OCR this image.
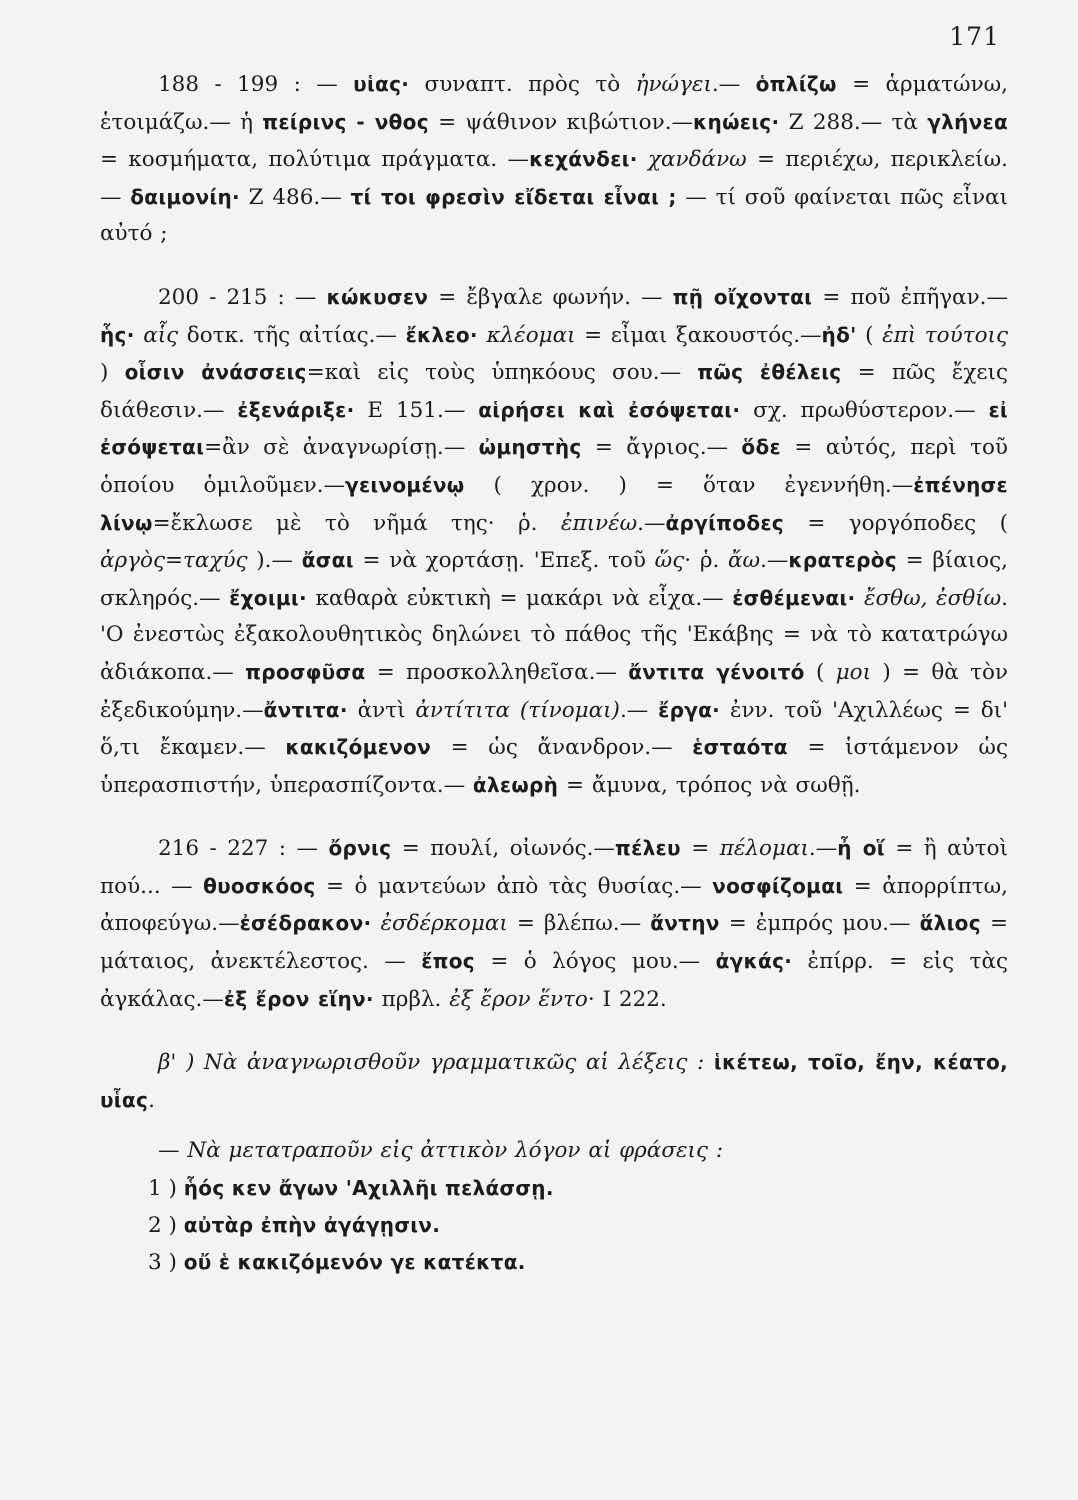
171

188 - 199 : — υἱας· συναπτ. πρὸς τὸ ἠνώγει.— ὁπλίζω = ἁρματώνω, ἑτοιμάζω.— ἡ πείρινς - νθος = ψάθινον κιβώτιον.—κηώεις· Ζ 288.— τὰ γλήνεα = κοσμήματα, πολύτιμα πράγματα. —κεχάνδει· χανδάνω = περιέχω, περικλείω.— δαιμονίη· Ζ 486.— τί τοι φρεσὶν εἴδεται εἶναι ; — τί σοῦ φαίνεται πῶς εἶναι αὐτό ;

200 - 215 : — κώκυσεν = ἔβγαλε φωνήν. — πῇ οἴχονται = ποῦ ἐπῆγαν.— ἧς· αἷς δοτκ. τῆς αἰτίας.— ἔκλεο· κλέομαι = εἶμαι ξακουστός.—ἠδ' ( ἐπὶ τούτοις ) οἷσιν ἀνάσσεις=καὶ εἰς τοὺς ὑπηκόους σου.— πῶς ἐθέλεις = πῶς ἔχεις διάθεσιν.— ἐξενάριξε· Ε 151.— αἱρήσει καὶ ἐσόψεται· σχ. πρωθύστερον.— εἰ ἐσόψεται=ἂν σὲ ἀναγνωρίσῃ.— ὠμηστὴς = ἄγριος.— ὅδε = αὐτός, περὶ τοῦ ὁποίου ὁμιλοῦμεν.—γεινομένῳ ( χρον. ) = ὅταν ἐγεννήθη.—ἐπένησε λίνῳ=ἔκλωσε μὲ τὸ νῆμά της· ῥ. ἐπινέω.—ἀργίποδες = γοργόποδες ( ἀργὸς=ταχύς ).— ἄσαι = νὰ χορτάσῃ. 'Επεξ. τοῦ ὥς· ῥ. ἄω.—κρατερὸς = βίαιος, σκληρός.— ἔχοιμι· καθαρὰ εὐκτικὴ = μακάρι νὰ εἶχα.— ἐσθέμεναι· ἔσθω, ἐσθίω. 'Ο ἐνεστὼς ἐξακολουθητικὸς δηλώνει τὸ πάθος τῆς 'Εκάβης = νὰ τὸ κατατρώγω ἀδιάκοπα.— προσφῦσα = προσκολληθεῖσα.— ἄντιτα γένοιτό ( μοι ) = θὰ τὸν ἐξεδικούμην.—ἄντιτα· ἀντὶ ἀντίτιτα (τίνομαι).— ἔργα· ἐνν. τοῦ 'Αχιλλέως = δι' ὅ,τι ἔκαμεν.— κακιζόμενον = ὡς ἄνανδρον.— ἑσταότα = ἱστάμενον ὡς ὑπερασπιστήν, ὑπερασπίζοντα.— ἀλεωρὴ = ἄμυνα, τρόπος νὰ σωθῇ.

216 - 227 : — ὄρνις = πουλί, οἰωνός.—πέλευ = πέλομαι.—ἦ οἵ = ἢ αὐτοὶ πού... — θυοσκόος = ὁ μαντεύων ἀπὸ τὰς θυσίας.— νοσφίζομαι = ἀπορρίπτω, ἀποφεύγω.—ἐσέδρακον· ἐσδέρκομαι = βλέπω.— ἄντην = ἐμπρός μου.— ἅλιος = μάταιος, ἀνεκτέλεστος. — ἔπος = ὁ λόγος μου.— ἀγκάς· ἐπίρρ. = εἰς τὰς ἀγκάλας.—ἐξ ἔρον εἵην· πρβλ. ἐξ ἔρον ἕντο· Ι 222.

β' ) Νὰ ἀναγνωρισθοῦν γραμματικῶς αἱ λέξεις : ἱκέτεω, τοῖο, ἔην, κέατο, υἷας.

— Νὰ μετατραποῦν εἰς ἀττικὸν λόγον αἱ φράσεις :

1 ) ἧός κεν ἄγων 'Αχιλλῆι πελάσσῃ.

2 ) αὐτὰρ ἐπὴν ἀγάγῃσιν.

3 ) οὔ ἑ κακιζόμενόν γε κατέκτα.
